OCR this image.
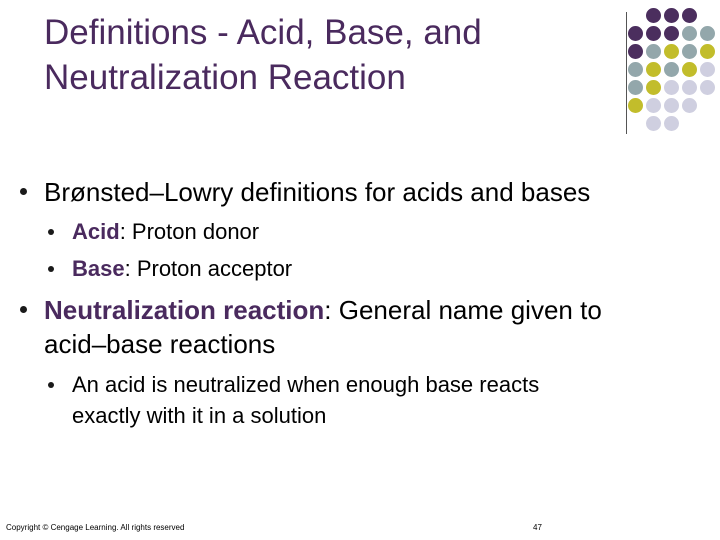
Definitions - Acid, Base, and
Neutralization Reaction
Brønsted–Lowry definitions for acids and bases
Acid: Proton donor
Base: Proton acceptor
Neutralization reaction: General name given to
acid–base reactions
An acid is neutralized when enough base reacts
exactly with it in a solution
Copyright © Cengage Learning. All rights reserved	47
